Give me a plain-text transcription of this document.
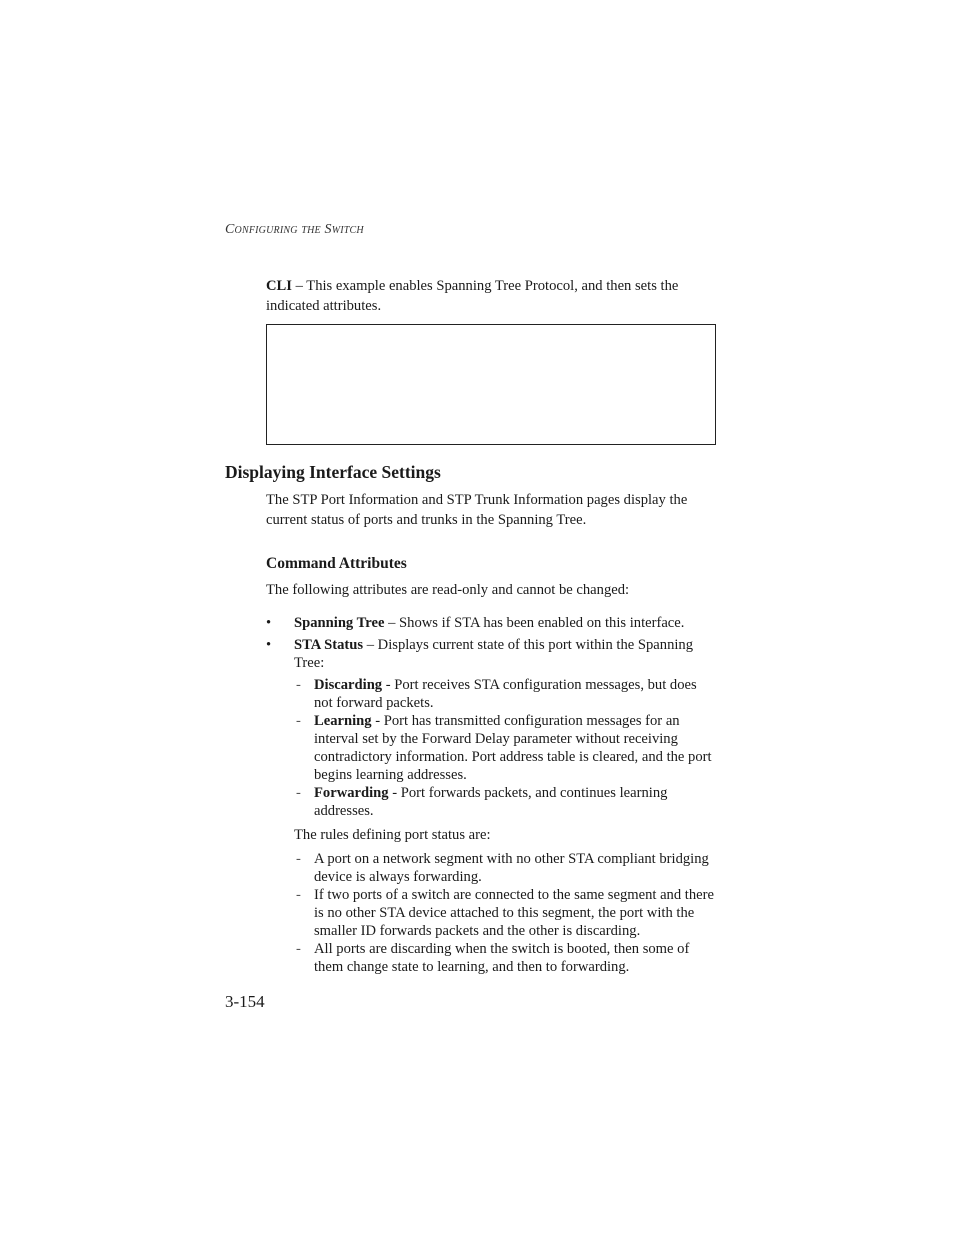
Configuring the Switch
CLI – This example enables Spanning Tree Protocol, and then sets the indicated attributes.
Displaying Interface Settings
The STP Port Information and STP Trunk Information pages display the current status of ports and trunks in the Spanning Tree.
Command Attributes
The following attributes are read-only and cannot be changed:
• Spanning Tree – Shows if STA has been enabled on this interface.
• STA Status – Displays current state of this port within the Spanning Tree:
- Discarding - Port receives STA configuration messages, but does not forward packets.
- Learning - Port has transmitted configuration messages for an interval set by the Forward Delay parameter without receiving contradictory information. Port address table is cleared, and the port begins learning addresses.
- Forwarding - Port forwards packets, and continues learning addresses.
The rules defining port status are:
- A port on a network segment with no other STA compliant bridging device is always forwarding.
- If two ports of a switch are connected to the same segment and there is no other STA device attached to this segment, the port with the smaller ID forwards packets and the other is discarding.
- All ports are discarding when the switch is booted, then some of them change state to learning, and then to forwarding.
3-154
